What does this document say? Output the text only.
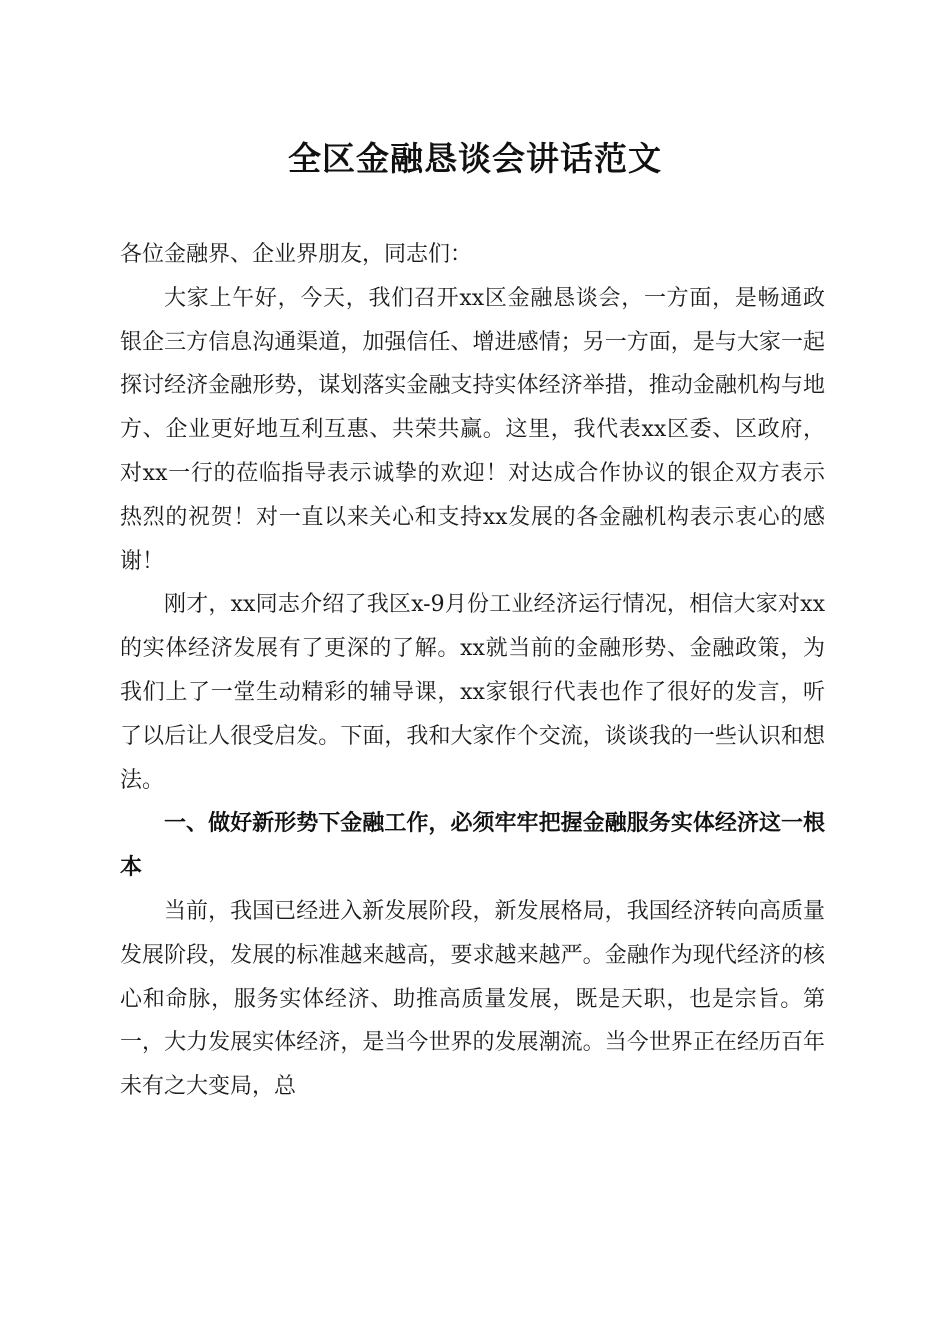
全区金融恳谈会讲话范文

各位金融界、企业界朋友，同志们：

大家上午好，今天，我们召开xx区金融恳谈会，一方面，是畅通政银企三方信息沟通渠道，加强信任、增进感情；另一方面，是与大家一起探讨经济金融形势，谋划落实金融支持实体经济举措，推动金融机构与地方、企业更好地互利互惠、共荣共赢。这里，我代表xx区委、区政府，对xx一行的莅临指导表示诚挚的欢迎！对达成合作协议的银企双方表示热烈的祝贺！对一直以来关心和支持xx发展的各金融机构表示衷心的感谢！

刚才，xx同志介绍了我区x-9月份工业经济运行情况，相信大家对xx的实体经济发展有了更深的了解。xx就当前的金融形势、金融政策，为我们上了一堂生动精彩的辅导课，xx家银行代表也作了很好的发言，听了以后让人很受启发。下面，我和大家作个交流，谈谈我的一些认识和想法。

一、做好新形势下金融工作，必须牢牢把握金融服务实体经济这一根本

当前，我国已经进入新发展阶段，新发展格局，我国经济转向高质量发展阶段，发展的标准越来越高，要求越来越严。金融作为现代经济的核心和命脉，服务实体经济、助推高质量发展，既是天职，也是宗旨。第一，大力发展实体经济，是当今世界的发展潮流。当今世界正在经历百年未有之大变局，总
